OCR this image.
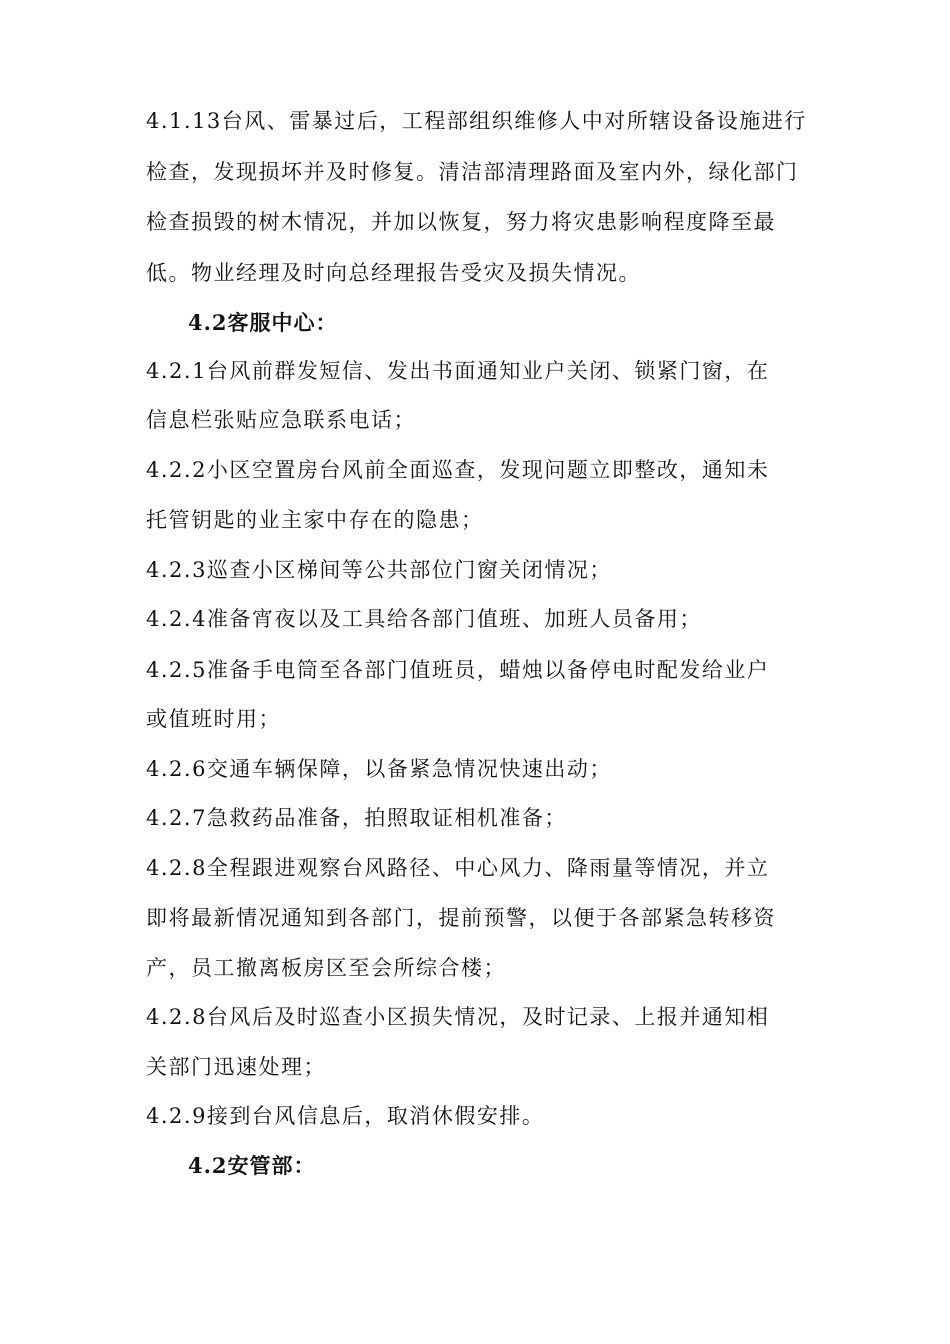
4.1.13台风、雷暴过后，工程部组织维修人中对所辖设备设施进行
检查，发现损坏并及时修复。清洁部清理路面及室内外，绿化部门
检查损毁的树木情况，并加以恢复，努力将灾患影响程度降至最
低。物业经理及时向总经理报告受灾及损失情况。
4.2客服中心：
4.2.1台风前群发短信、发出书面通知业户关闭、锁紧门窗，在
信息栏张贴应急联系电话；
4.2.2小区空置房台风前全面巡查，发现问题立即整改，通知未
托管钥匙的业主家中存在的隐患；
4.2.3巡查小区梯间等公共部位门窗关闭情况；
4.2.4准备宵夜以及工具给各部门值班、加班人员备用；
4.2.5准备手电筒至各部门值班员，蜡烛以备停电时配发给业户
或值班时用；
4.2.6交通车辆保障，以备紧急情况快速出动；
4.2.7急救药品准备，拍照取证相机准备；
4.2.8全程跟进观察台风路径、中心风力、降雨量等情况，并立
即将最新情况通知到各部门，提前预警，以便于各部紧急转移资
产，员工撤离板房区至会所综合楼；
4.2.8台风后及时巡查小区损失情况，及时记录、上报并通知相
关部门迅速处理；
4.2.9接到台风信息后，取消休假安排。
4.2安管部：
